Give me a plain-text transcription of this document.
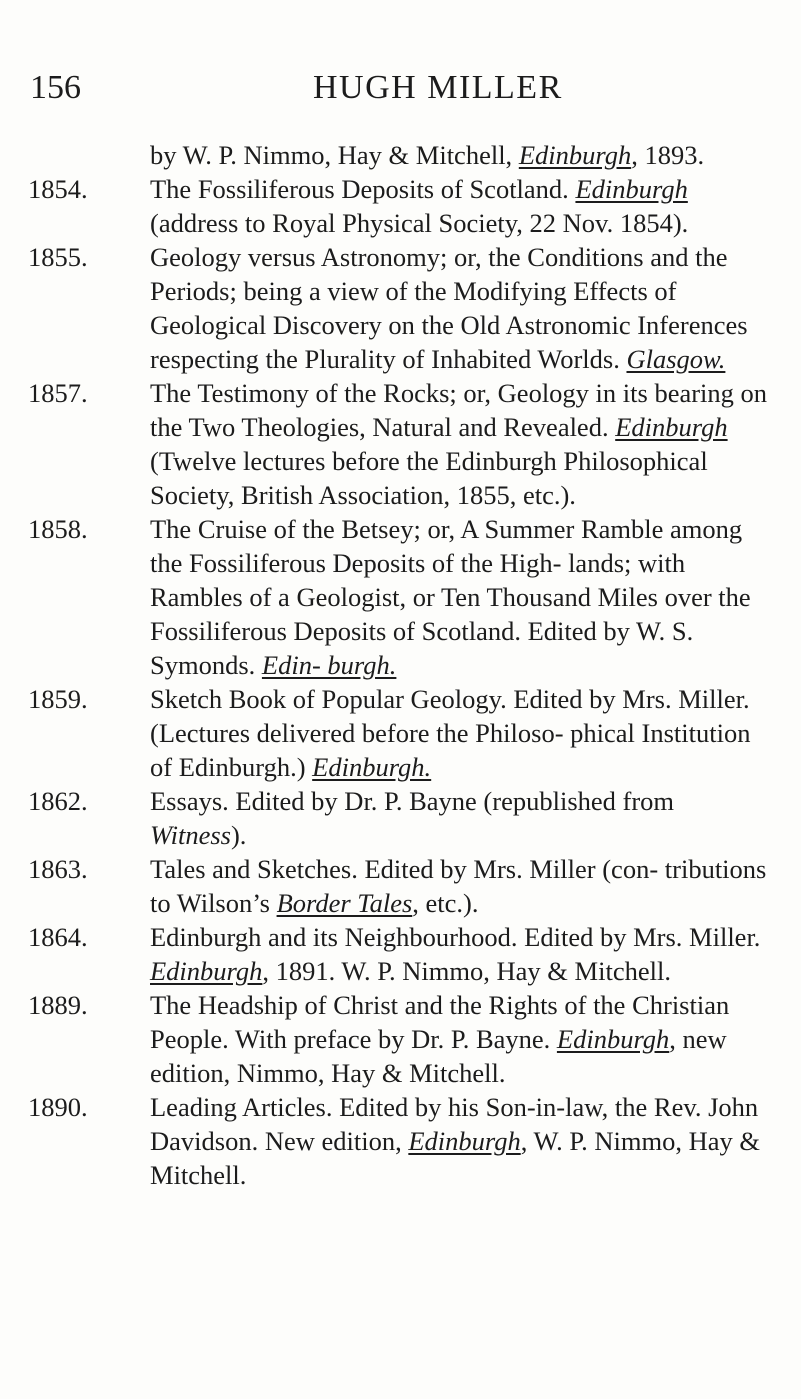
156	HUGH MILLER
by W. P. Nimmo, Hay & Mitchell, Edinburgh, 1893.
1854.	The Fossiliferous Deposits of Scotland. Edinburgh (address to Royal Physical Society, 22 Nov. 1854).
1855.	Geology versus Astronomy; or, the Conditions and the Periods; being a view of the Modifying Effects of Geological Discovery on the Old Astronomic Inferences respecting the Plurality of Inhabited Worlds. Glasgow.
1857.	The Testimony of the Rocks; or, Geology in its bearing on the Two Theologies, Natural and Revealed. Edinburgh (Twelve lectures before the Edinburgh Philosophical Society, British Association, 1855, etc.).
1858.	The Cruise of the Betsey; or, A Summer Ramble among the Fossiliferous Deposits of the High- lands; with Rambles of a Geologist, or Ten Thousand Miles over the Fossiliferous Deposits of Scotland. Edited by W. S. Symonds. Edin- burgh.
1859.	Sketch Book of Popular Geology. Edited by Mrs. Miller. (Lectures delivered before the Philoso- phical Institution of Edinburgh.) Edinburgh.
1862.	Essays. Edited by Dr. P. Bayne (republished from Witness).
1863.	Tales and Sketches. Edited by Mrs. Miller (con- tributions to Wilson’s Border Tales, etc.).
1864.	Edinburgh and its Neighbourhood. Edited by Mrs. Miller. Edinburgh, 1891. W. P. Nimmo, Hay & Mitchell.
1889.	The Headship of Christ and the Rights of the Christian People. With preface by Dr. P. Bayne. Edinburgh, new edition, Nimmo, Hay & Mitchell.
1890.	Leading Articles. Edited by his Son-in-law, the Rev. John Davidson. New edition, Edinburgh, W. P. Nimmo, Hay & Mitchell.
